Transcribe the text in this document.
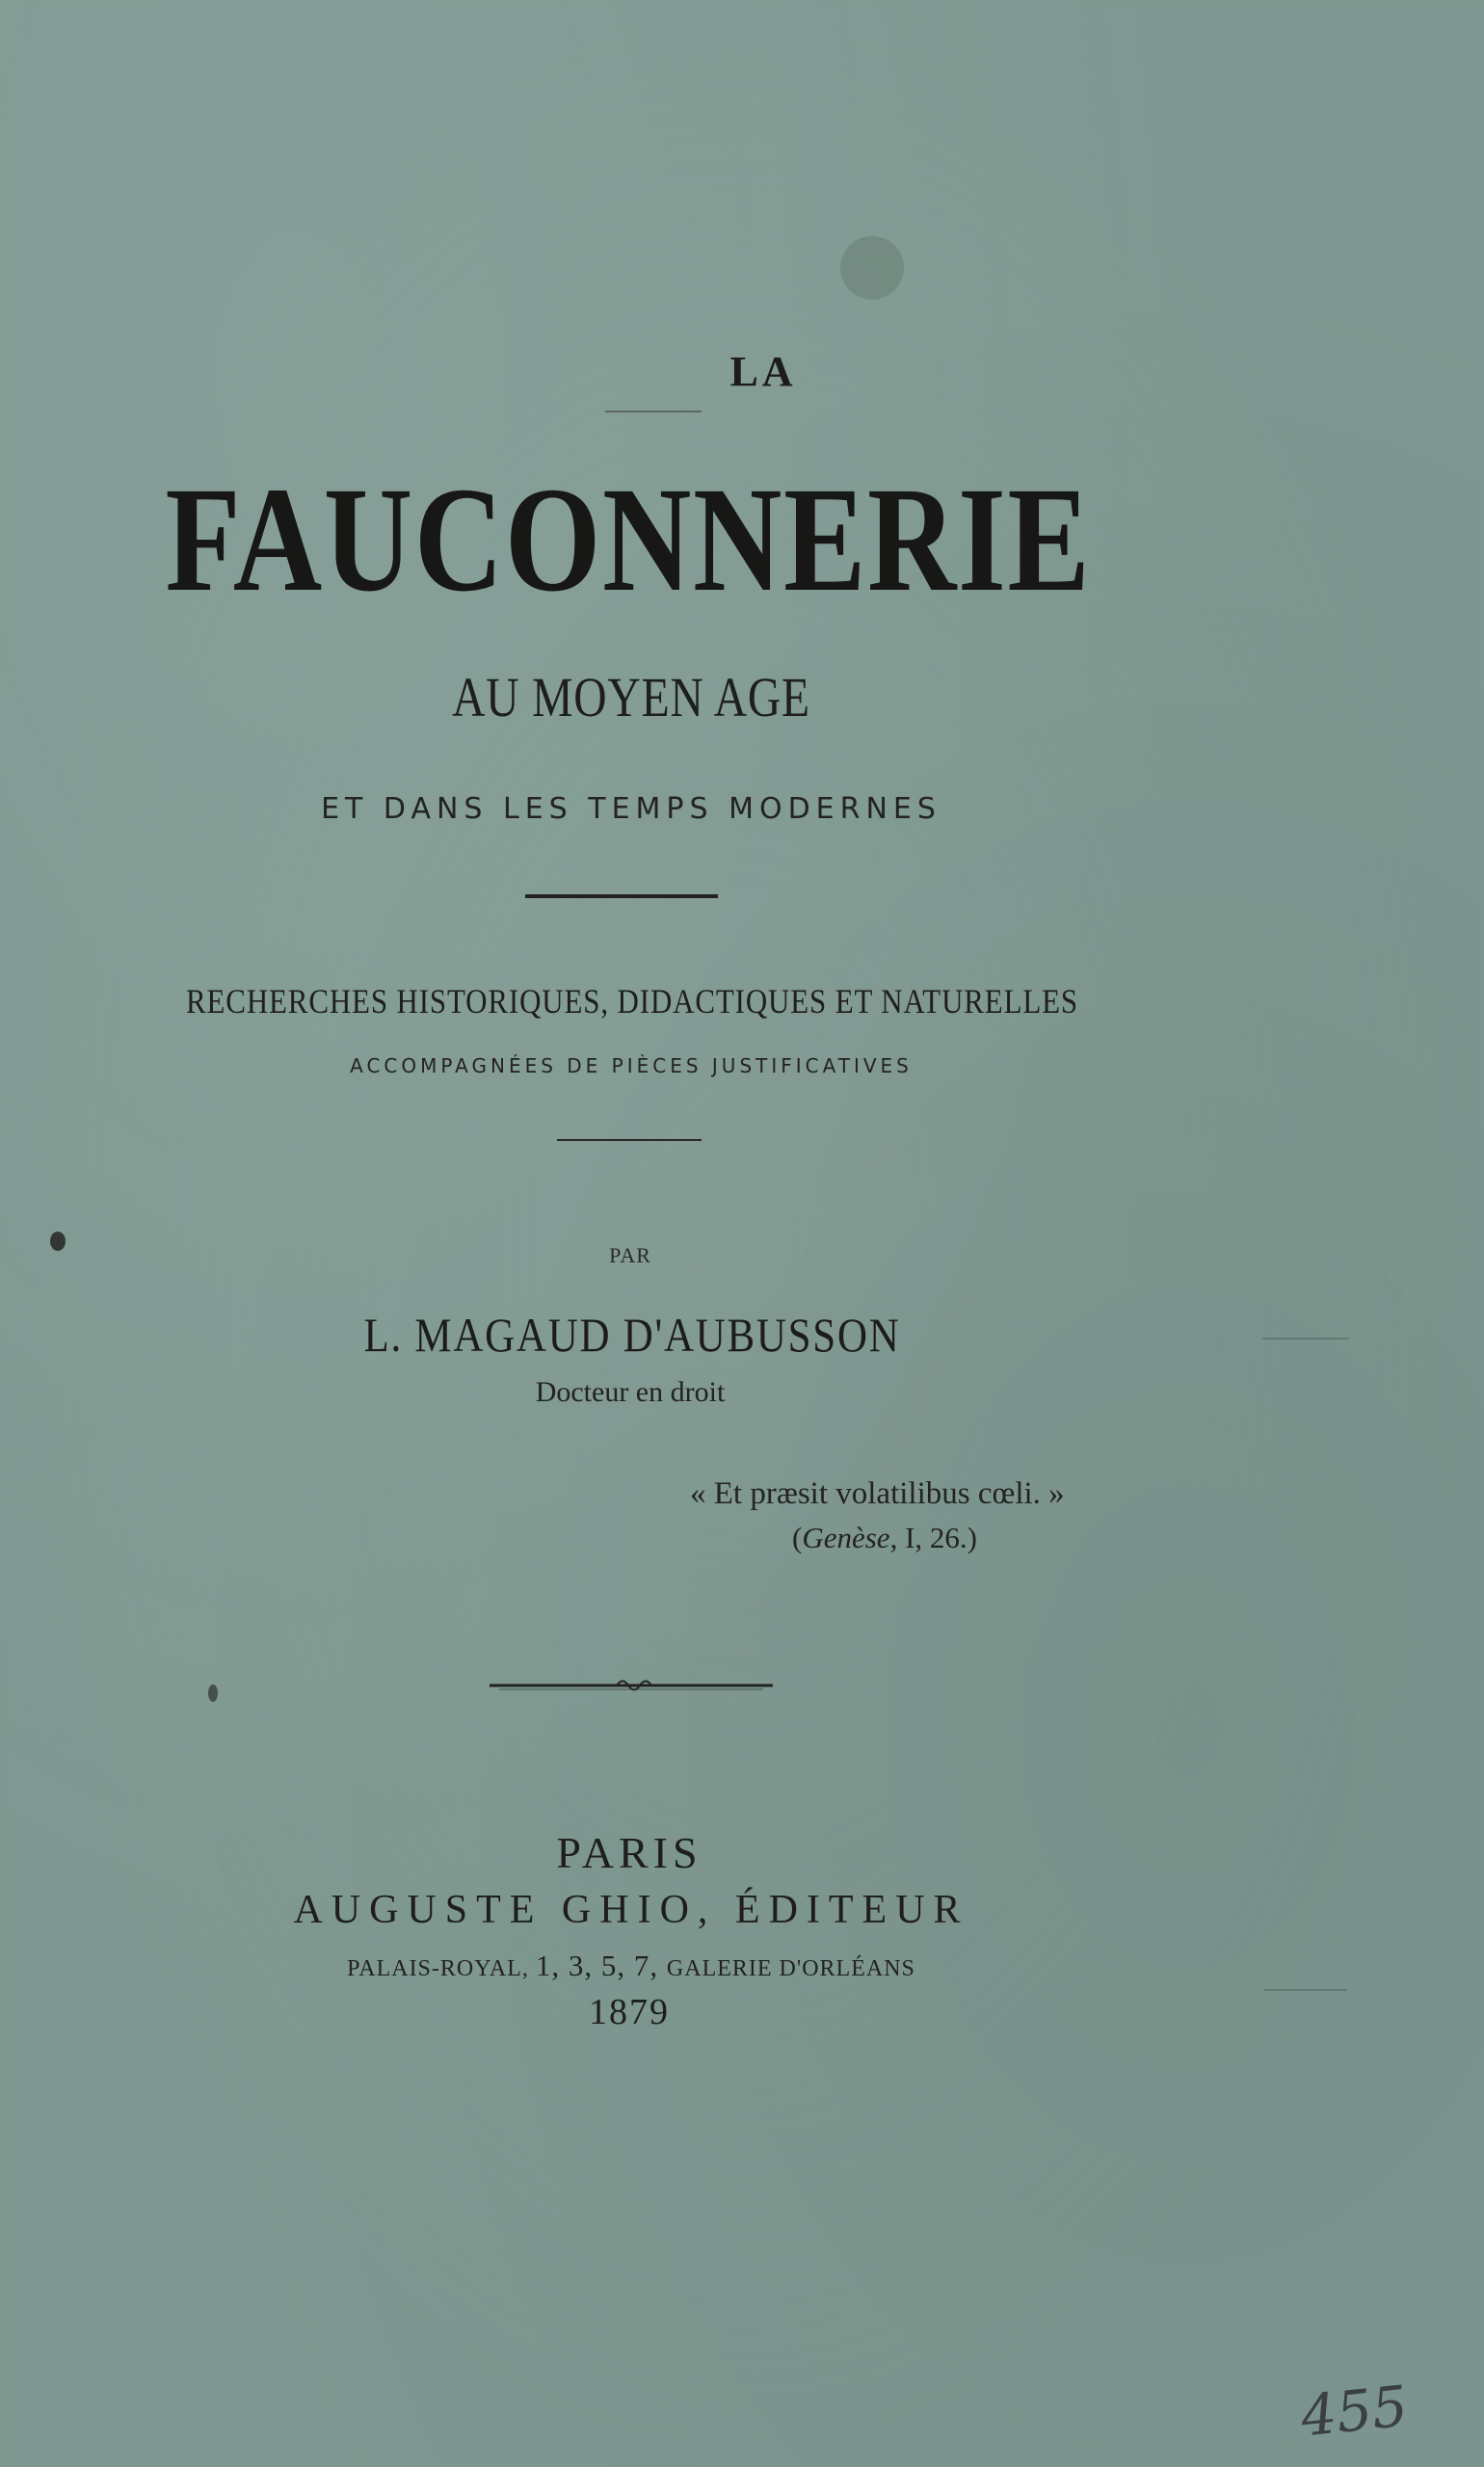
LA
FAUCONNERIE
AU MOYEN AGE
ET DANS LES TEMPS MODERNES
RECHERCHES HISTORIQUES, DIDACTIQUES ET NATURELLES
ACCOMPAGNÉES DE PIÈCES JUSTIFICATIVES
PAR
L. MAGAUD D'AUBUSSON
Docteur en droit
« Et præsit volatilibus cœli. »
(Genèse, I, 26.)
PARIS
AUGUSTE GHIO, ÉDITEUR
PALAIS-ROYAL, 1, 3, 5, 7, GALERIE D'ORLÉANS
1879
455
